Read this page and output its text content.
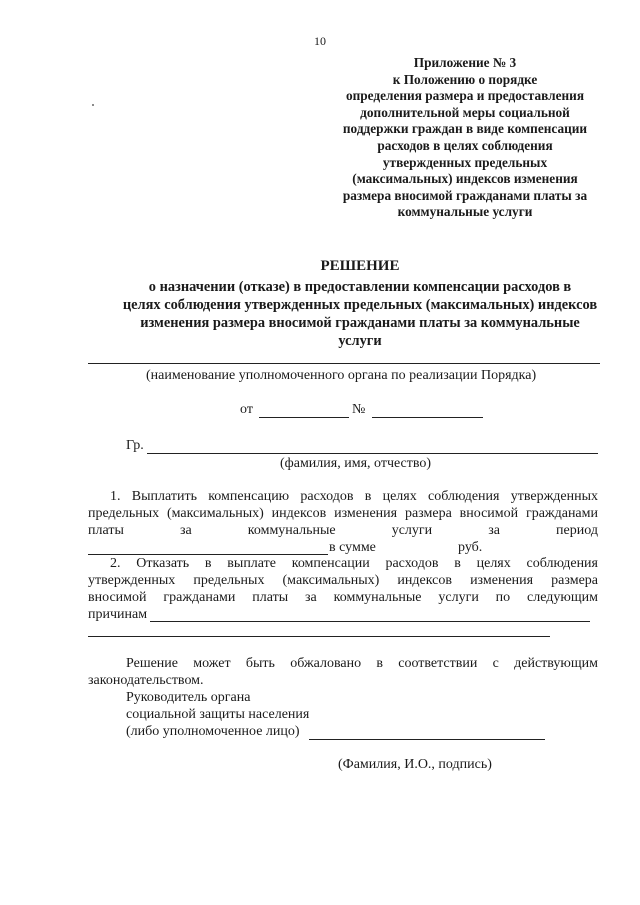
10
Приложение № 3
к Положению о порядке
определения размера и предоставления
дополнительной меры социальной
поддержки граждан в виде компенсации
расходов в целях соблюдения
утвержденных предельных
(максимальных) индексов изменения
размера вносимой гражданами платы за
коммунальные услуги
РЕШЕНИЕ
о назначении (отказе) в предоставлении компенсации расходов в
целях соблюдения утвержденных предельных (максимальных) индексов
изменения размера вносимой гражданами платы за коммунальные
услуги
(наименование уполномоченного органа по реализации Порядка)
от	№
Гр.
(фамилия, имя, отчество)
1. Выплатить компенсацию расходов в целях соблюдения утвержденных
предельных (максимальных) индексов изменения размера вносимой гражданами
платы	за	коммунальные	услуги	за	период
в сумме	руб.
2. Отказать в выплате компенсации расходов в целях соблюдения
утвержденных предельных (максимальных) индексов изменения размера
вносимой гражданами платы за коммунальные услуги по следующим
причинам
Решение может быть обжаловано в соответствии с действующим
законодательством.
Руководитель органа
социальной защиты населения
(либо уполномоченное лицо)
(Фамилия, И.О., подпись)
